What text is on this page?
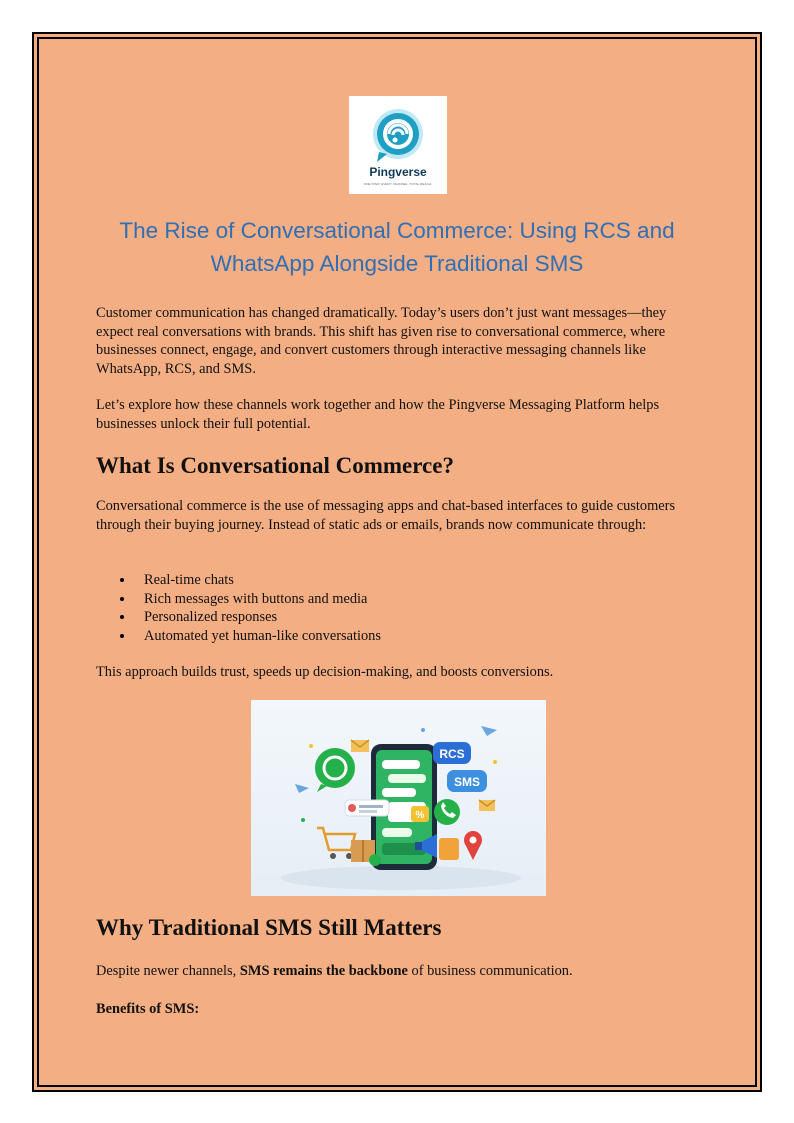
Pingverse
ONE STEP. EVERY CHANNEL. TOTAL REACH.
The Rise of Conversational Commerce: Using RCS and WhatsApp Alongside Traditional SMS

Customer communication has changed dramatically. Today’s users don’t just want messages—they expect real conversations with brands. This shift has given rise to conversational commerce, where businesses connect, engage, and convert customers through interactive messaging channels like WhatsApp, RCS, and SMS.

Let’s explore how these channels work together and how the Pingverse Messaging Platform helps businesses unlock their full potential.

What Is Conversational Commerce?

Conversational commerce is the use of messaging apps and chat-based interfaces to guide customers through their buying journey. Instead of static ads or emails, brands now communicate through:

Real-time chats
Rich messages with buttons and media
Personalized responses
Automated yet human-like conversations

This approach builds trust, speeds up decision-making, and boosts conversions.

RCS
SMS
%
Why Traditional SMS Still Matters

Despite newer channels, SMS remains the backbone of business communication.

Benefits of SMS:
